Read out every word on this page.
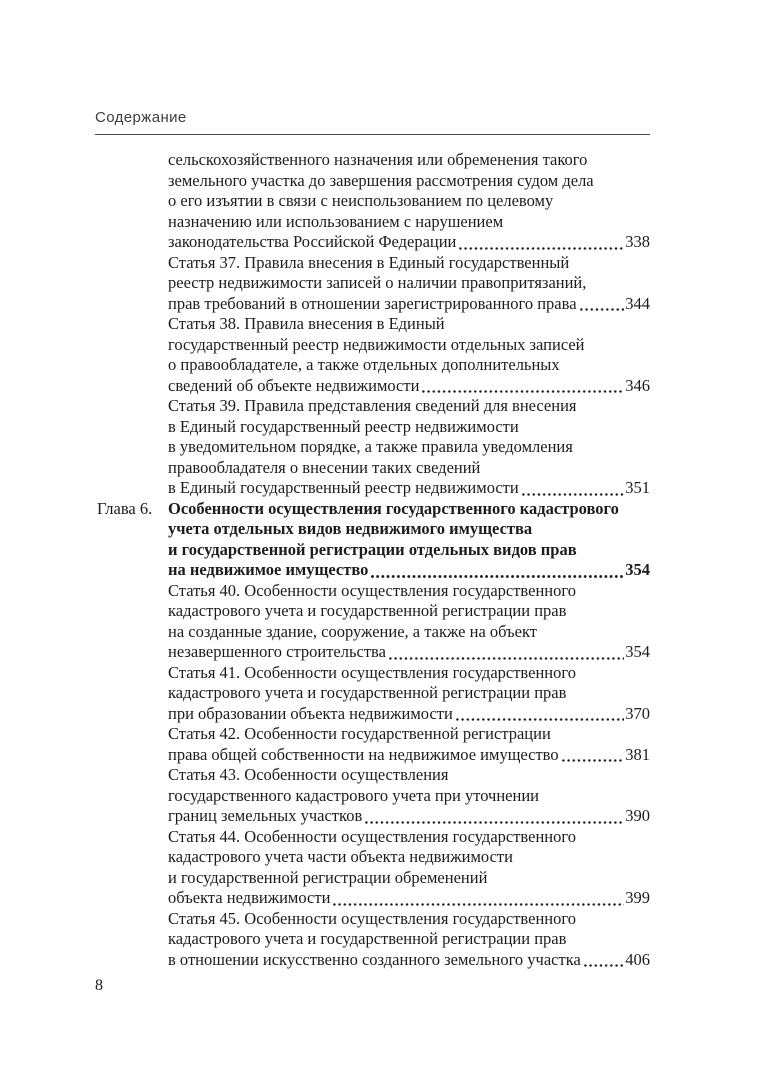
Содержание
сельскохозяйственного назначения или обременения такого
земельного участка до завершения рассмотрения судом дела
о его изъятии в связи с неиспользованием по целевому
назначению или использованием с нарушением
законодательства Российской Федерации	338
Статья 37. Правила внесения в Единый государственный
реестр недвижимости записей о наличии правопритязаний,
прав требований в отношении зарегистрированного права	344
Статья 38. Правила внесения в Единый
государственный реестр недвижимости отдельных записей
о правообладателе, а также отдельных дополнительных
сведений об объекте недвижимости	346
Статья 39. Правила представления сведений для внесения
в Единый государственный реестр недвижимости
в уведомительном порядке, а также правила уведомления
правообладателя о внесении таких сведений
в Единый государственный реестр недвижимости	351
Глава 6. Особенности осуществления государственного кадастрового
учета отдельных видов недвижимого имущества
и государственной регистрации отдельных видов прав
на недвижимое имущество	354
Статья 40. Особенности осуществления государственного
кадастрового учета и государственной регистрации прав
на созданные здание, сооружение, а также на объект
незавершенного строительства	354
Статья 41. Особенности осуществления государственного
кадастрового учета и государственной регистрации прав
при образовании объекта недвижимости	370
Статья 42. Особенности государственной регистрации
права общей собственности на недвижимое имущество	381
Статья 43. Особенности осуществления
государственного кадастрового учета при уточнении
границ земельных участков	390
Статья 44. Особенности осуществления государственного
кадастрового учета части объекта недвижимости
и государственной регистрации обременений
объекта недвижимости	399
Статья 45. Особенности осуществления государственного
кадастрового учета и государственной регистрации прав
в отношении искусственно созданного земельного участка	406
8
